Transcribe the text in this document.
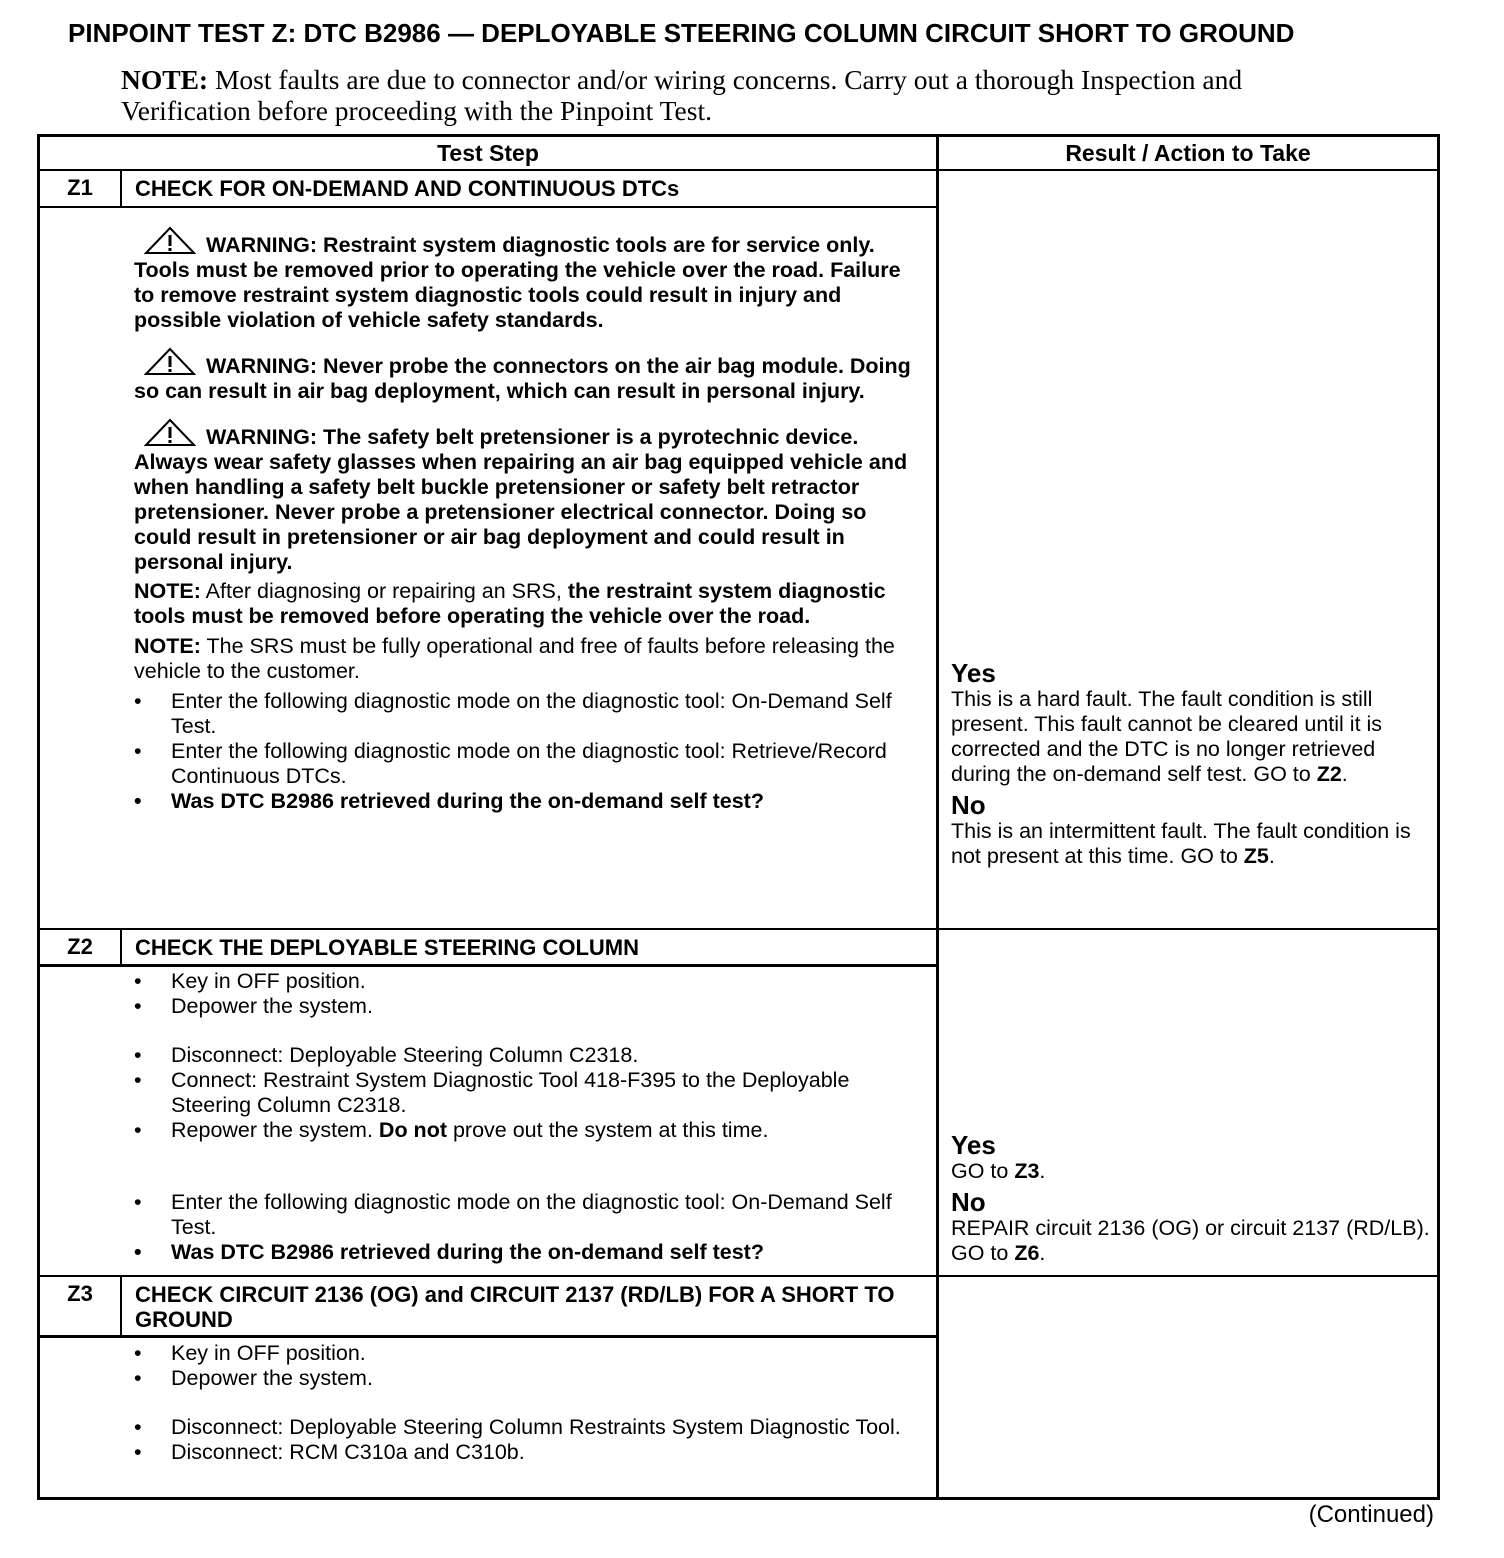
PINPOINT TEST Z: DTC B2986 — DEPLOYABLE STEERING COLUMN CIRCUIT SHORT TO GROUND
NOTE: Most faults are due to connector and/or wiring concerns. Carry out a thorough Inspection and Verification before proceeding with the Pinpoint Test.
Test Step	Result / Action to Take
Z1	CHECK FOR ON-DEMAND AND CONTINUOUS DTCs
WARNING: Restraint system diagnostic tools are for service only. Tools must be removed prior to operating the vehicle over the road. Failure to remove restraint system diagnostic tools could result in injury and possible violation of vehicle safety standards.
WARNING: Never probe the connectors on the air bag module. Doing so can result in air bag deployment, which can result in personal injury.
WARNING: The safety belt pretensioner is a pyrotechnic device. Always wear safety glasses when repairing an air bag equipped vehicle and when handling a safety belt buckle pretensioner or safety belt retractor pretensioner. Never probe a pretensioner electrical connector. Doing so could result in pretensioner or air bag deployment and could result in personal injury.
NOTE: After diagnosing or repairing an SRS, the restraint system diagnostic tools must be removed before operating the vehicle over the road.
NOTE: The SRS must be fully operational and free of faults before releasing the vehicle to the customer.
• Enter the following diagnostic mode on the diagnostic tool: On-Demand Self Test.
• Enter the following diagnostic mode on the diagnostic tool: Retrieve/Record Continuous DTCs.
• Was DTC B2986 retrieved during the on-demand self test?
Yes

This is a hard fault. The fault condition is still present. This fault cannot be cleared until it is corrected and the DTC is no longer retrieved during the on-demand self test. GO to Z2.

No

This is an intermittent fault. The fault condition is not present at this time. GO to Z5.

Z2	CHECK THE DEPLOYABLE STEERING COLUMN
• Key in OFF position.
• Depower the system.
• Disconnect: Deployable Steering Column C2318.
• Connect: Restraint System Diagnostic Tool 418-F395 to the Deployable Steering Column C2318.
• Repower the system. Do not prove out the system at this time.
• Enter the following diagnostic mode on the diagnostic tool: On-Demand Self Test.
• Was DTC B2986 retrieved during the on-demand self test?
Yes

GO to Z3.

No

REPAIR circuit 2136 (OG) or circuit 2137 (RD/LB). GO to Z6.

Z3	CHECK CIRCUIT 2136 (OG) and CIRCUIT 2137 (RD/LB) FOR A SHORT TO GROUND
• Key in OFF position.
• Depower the system.
• Disconnect: Deployable Steering Column Restraints System Diagnostic Tool.
• Disconnect: RCM C310a and C310b.
(Continued)
